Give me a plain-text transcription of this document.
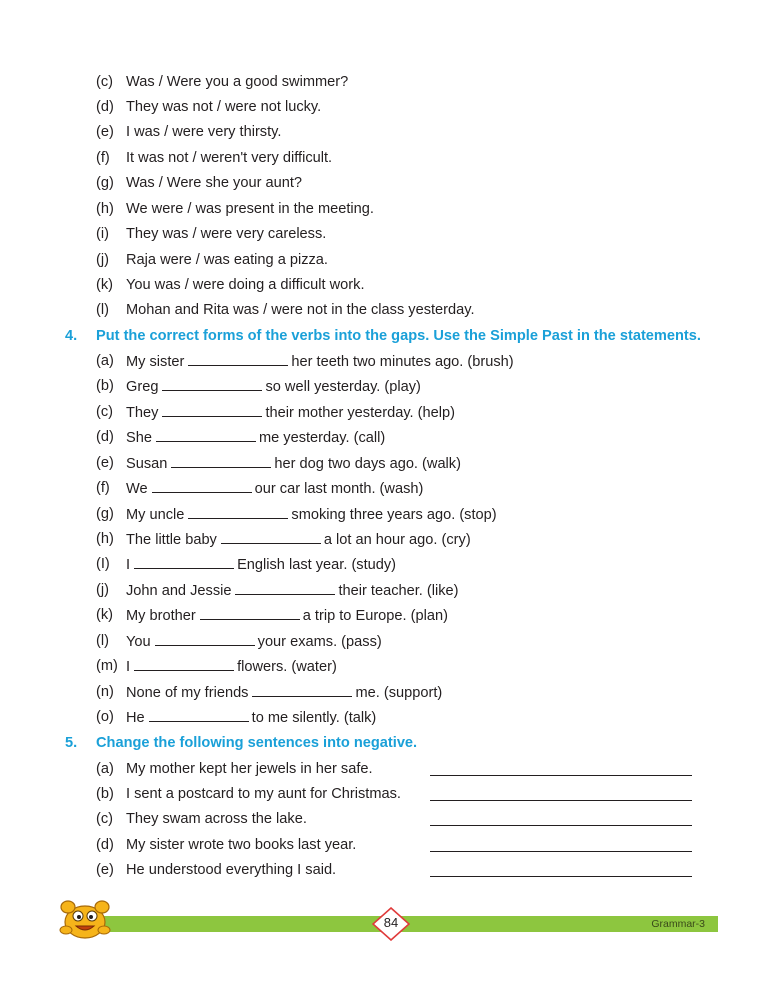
(c) Was / Were you a good swimmer?
(d) They was not / were not lucky.
(e) I was / were very thirsty.
(f) It was not / weren't very difficult.
(g) Was / Were she your aunt?
(h) We were / was present in the meeting.
(i) They was / were very careless.
(j) Raja were / was eating a pizza.
(k) You was / were doing a difficult work.
(l) Mohan and Rita was / were not in the class yesterday.
4. Put the correct forms of the verbs into the gaps. Use the Simple Past in the statements.
(a) My sister	her teeth two minutes ago. (brush)
(b) Greg	so well yesterday. (play)
(c) They	their mother yesterday. (help)
(d) She	me yesterday. (call)
(e) Susan	her dog two days ago. (walk)
(f) We	our car last month. (wash)
(g) My uncle	smoking three years ago. (stop)
(h) The little baby	a lot an hour ago. (cry)
(I) I	English last year. (study)
(j) John and Jessie	their teacher. (like)
(k) My brother	a trip to Europe. (plan)
(l) You	your exams. (pass)
(m) I	flowers. (water)
(n) None of my friends	me. (support)
(o) He	to me silently. (talk)
5. Change the following sentences into negative.
(a) My mother kept her jewels in her safe.
(b) I sent a postcard to my aunt for Christmas.
(c) They swam across the lake.
(d) My sister wrote two books last year.
(e) He understood everything I said.
Grammar-3
84
